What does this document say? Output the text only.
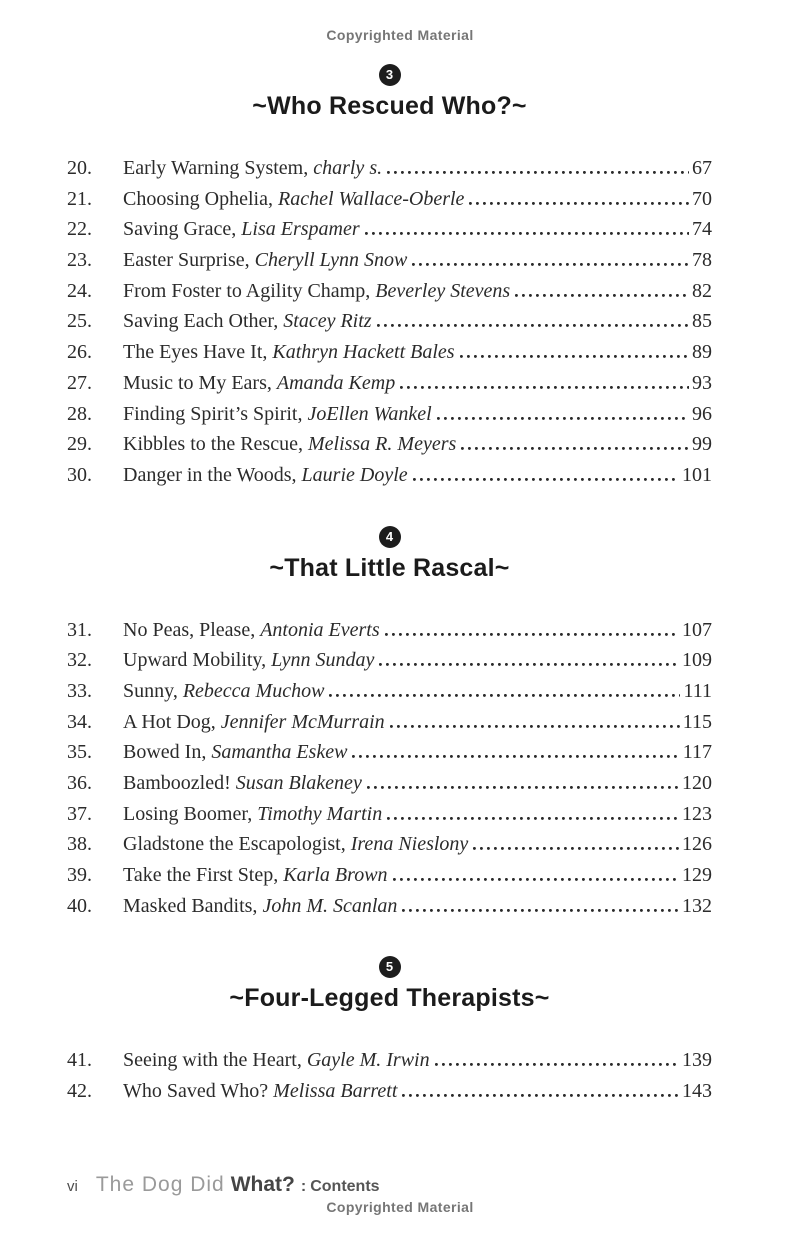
Copyrighted Material
3
~Who Rescued Who?~
20.	Early Warning System, charly s.	67
21.	Choosing Ophelia, Rachel Wallace-Oberle	70
22.	Saving Grace, Lisa Erspamer	74
23.	Easter Surprise, Cheryll Lynn Snow	78
24.	From Foster to Agility Champ, Beverley Stevens	82
25.	Saving Each Other, Stacey Ritz	85
26.	The Eyes Have It, Kathryn Hackett Bales	89
27.	Music to My Ears, Amanda Kemp	93
28.	Finding Spirit’s Spirit, JoEllen Wankel	96
29.	Kibbles to the Rescue, Melissa R. Meyers	99
30.	Danger in the Woods, Laurie Doyle	101
4
~That Little Rascal~
31.	No Peas, Please, Antonia Everts	107
32.	Upward Mobility, Lynn Sunday	109
33.	Sunny, Rebecca Muchow	111
34.	A Hot Dog, Jennifer McMurrain	115
35.	Bowed In, Samantha Eskew	117
36.	Bamboozled! Susan Blakeney	120
37.	Losing Boomer, Timothy Martin	123
38.	Gladstone the Escapologist, Irena Nieslony	126
39.	Take the First Step, Karla Brown	129
40.	Masked Bandits, John M. Scanlan	132
5
~Four-Legged Therapists~
41.	Seeing with the Heart, Gayle M. Irwin	139
42.	Who Saved Who? Melissa Barrett	143
vi The Dog Did What? : Contents
Copyrighted Material
